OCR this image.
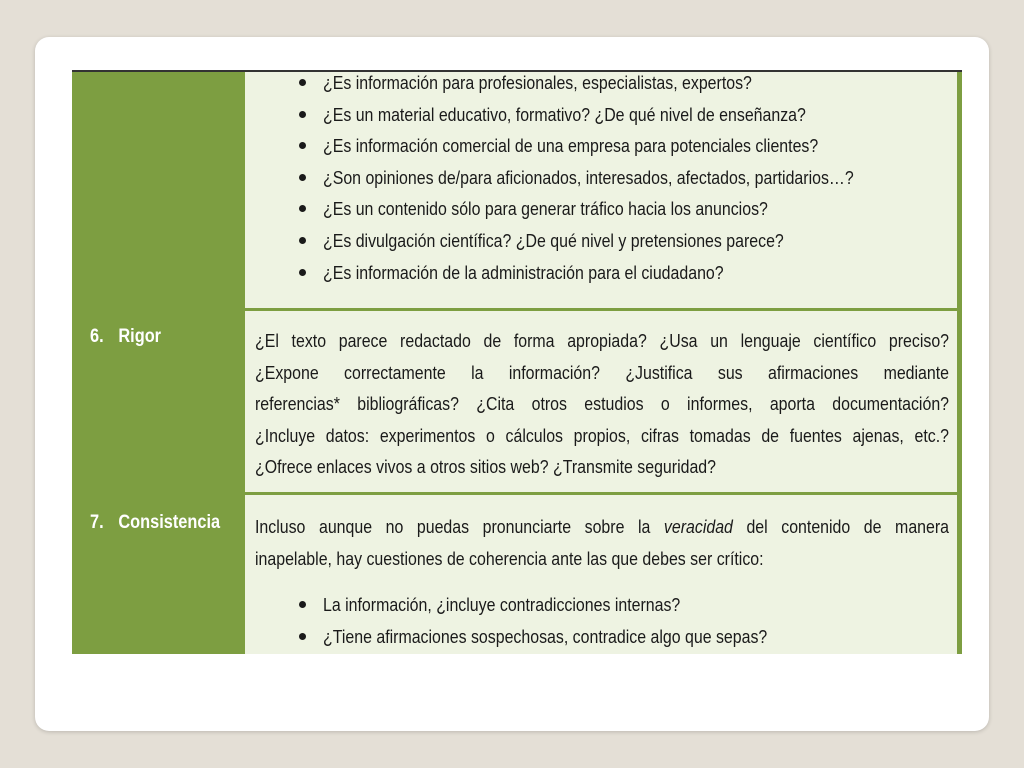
¿Es información para profesionales, especialistas, expertos?
¿Es un material educativo, formativo? ¿De qué nivel de enseñanza?
¿Es información comercial de una empresa para potenciales clientes?
¿Son opiniones de/para aficionados, interesados, afectados, partidarios…?
¿Es un contenido sólo para generar tráfico hacia los anuncios?
¿Es divulgación científica? ¿De qué nivel y pretensiones parece?
¿Es información de la administración para el ciudadano?
6. Rigor	¿El texto parece redactado de forma apropiada? ¿Usa un lenguaje científico preciso?
¿Expone correctamente la información? ¿Justifica sus afirmaciones mediante
referencias* bibliográficas? ¿Cita otros estudios o informes, aporta documentación?
¿Incluye datos: experimentos o cálculos propios, cifras tomadas de fuentes ajenas, etc.?
¿Ofrece enlaces vivos a otros sitios web? ¿Transmite seguridad?
7. Consistencia Incluso aunque no puedas pronunciarte sobre la veracidad del contenido de manera
inapelable, hay cuestiones de coherencia ante las que debes ser crítico:
La información, ¿incluye contradicciones internas?
¿Tiene afirmaciones sospechosas, contradice algo que sepas?
